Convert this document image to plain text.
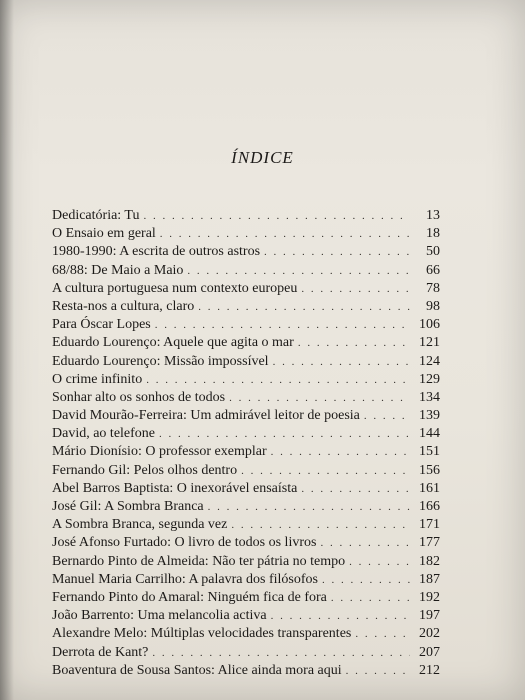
ÍNDICE
Dedicatória: Tu . . .	13
O Ensaio em geral . . .	18
1980-1990: A escrita de outros astros . . .	50
68/88: De Maio a Maio . . .	66
A cultura portuguesa num contexto europeu . . .	78
Resta-nos a cultura, claro . . .	98
Para Óscar Lopes . . .	106
Eduardo Lourenço: Aquele que agita o mar . . .	121
Eduardo Lourenço: Missão impossível . . .	124
O crime infinito . . .	129
Sonhar alto os sonhos de todos . . .	134
David Mourão-Ferreira: Um admirável leitor de poesia . . .	139
David, ao telefone . . .	144
Mário Dionísio: O professor exemplar . . .	151
Fernando Gil: Pelos olhos dentro . . .	156
Abel Barros Baptista: O inexorável ensaísta . . .	161
José Gil: A Sombra Branca . . .	166
A Sombra Branca, segunda vez . . .	171
José Afonso Furtado: O livro de todos os livros . . .	177
Bernardo Pinto de Almeida: Não ter pátria no tempo . . .	182
Manuel Maria Carrilho: A palavra dos filósofos . . .	187
Fernando Pinto do Amaral: Ninguém fica de fora . . .	192
João Barrento: Uma melancolia activa . . .	197
Alexandre Melo: Múltiplas velocidades transparentes . . .	202
Derrota de Kant? . . .	207
Boaventura de Sousa Santos: Alice ainda mora aqui . . .	212
